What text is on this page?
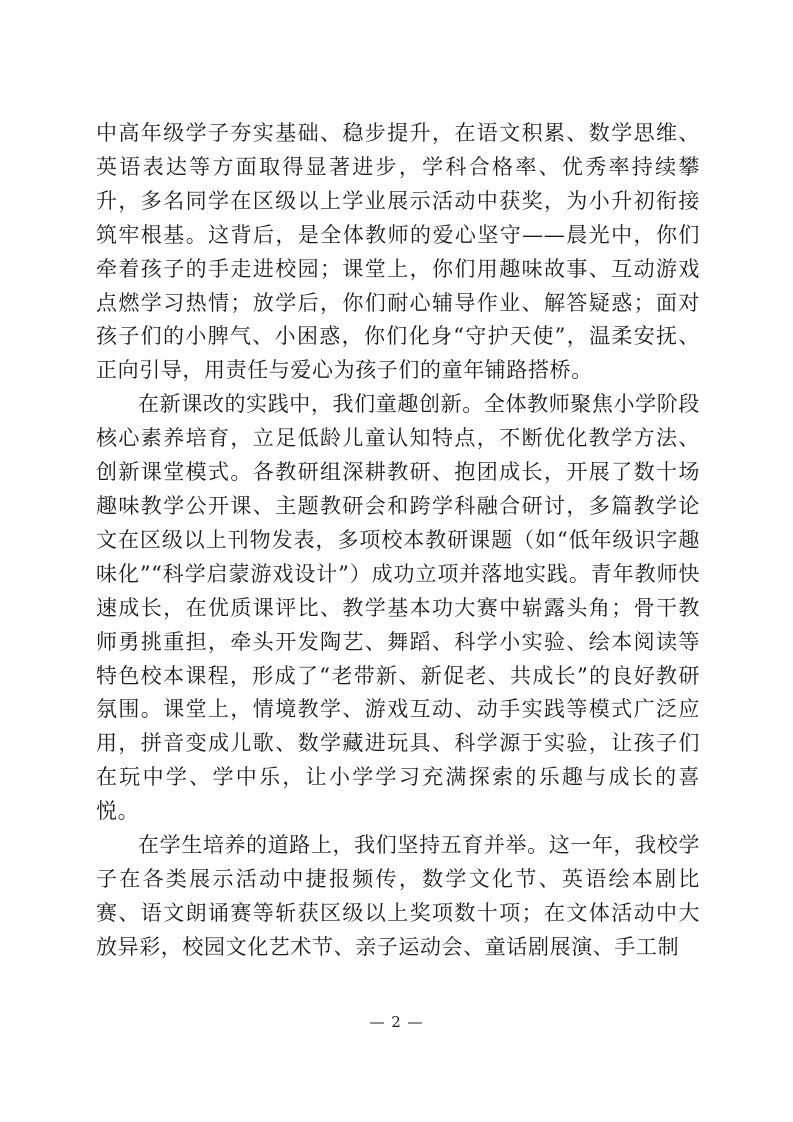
中高年级学子夯实基础、稳步提升，在语文积累、数学思维、英语表达等方面取得显著进步，学科合格率、优秀率持续攀升，多名同学在区级以上学业展示活动中获奖，为小升初衔接筑牢根基。这背后，是全体教师的爱心坚守——晨光中，你们牵着孩子的手走进校园；课堂上，你们用趣味故事、互动游戏点燃学习热情；放学后，你们耐心辅导作业、解答疑惑；面对孩子们的小脾气、小困惑，你们化身“守护天使”，温柔安抚、正向引导，用责任与爱心为孩子们的童年铺路搭桥。

在新课改的实践中，我们童趣创新。全体教师聚焦小学阶段核心素养培育，立足低龄儿童认知特点，不断优化教学方法、创新课堂模式。各教研组深耕教研、抱团成长，开展了数十场趣味教学公开课、主题教研会和跨学科融合研讨，多篇教学论文在区级以上刊物发表，多项校本教研课题（如“低年级识字趣味化”“科学启蒙游戏设计”）成功立项并落地实践。青年教师快速成长，在优质课评比、教学基本功大赛中崭露头角；骨干教师勇挑重担，牵头开发陶艺、舞蹈、科学小实验、绘本阅读等特色校本课程，形成了“老带新、新促老、共成长”的良好教研氛围。课堂上，情境教学、游戏互动、动手实践等模式广泛应用，拼音变成儿歌、数学藏进玩具、科学源于实验，让孩子们在玩中学、学中乐，让小学学习充满探索的乐趣与成长的喜悦。

在学生培养的道路上，我们坚持五育并举。这一年，我校学子在各类展示活动中捷报频传，数学文化节、英语绘本剧比赛、语文朗诵赛等斩获区级以上奖项数十项；在文体活动中大放异彩，校园文化艺术节、亲子运动会、童话剧展演、手工制

— 2 —
